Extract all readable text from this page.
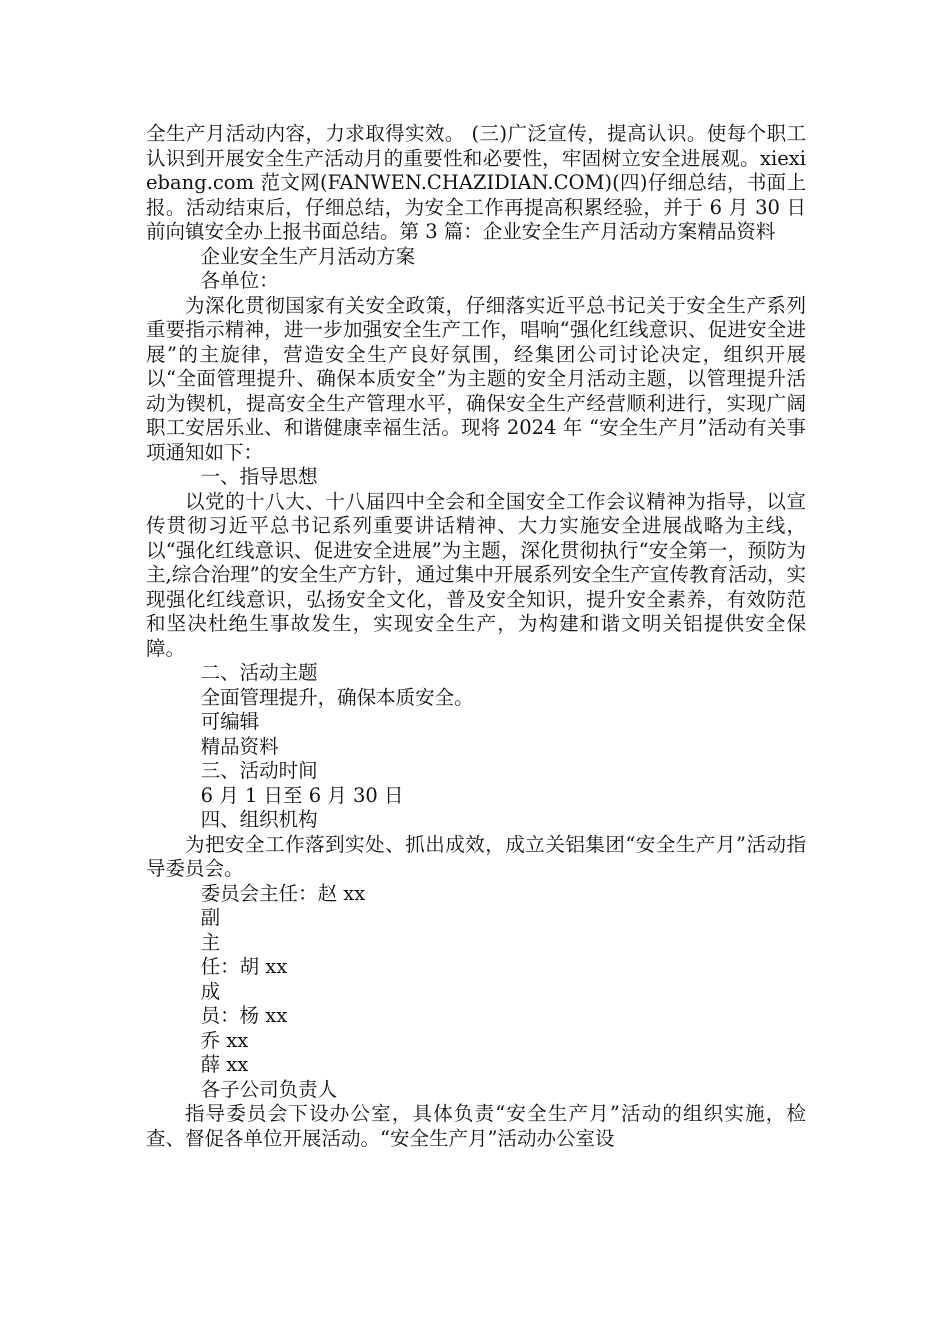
全生产月活动内容，力求取得实效。 (三)广泛宣传，提高认识。使每个职工认识到开展安全生产活动月的重要性和必要性，牢固树立安全进展观。xiexiebang.com 范文网(FANWEN.CHAZIDIAN.COM)(四)仔细总结，书面上报。活动结束后，仔细总结，为安全工作再提高积累经验，并于 6 月 30 日前向镇安全办上报书面总结。第 3 篇：企业安全生产月活动方案精品资料

企业安全生产月活动方案

各单位：

为深化贯彻国家有关安全政策，仔细落实近平总书记关于安全生产系列重要指示精神，进一步加强安全生产工作，唱响“强化红线意识、促进安全进展”的主旋律，营造安全生产良好氛围，经集团公司讨论决定，组织开展以“全面管理提升、确保本质安全”为主题的安全月活动主题，以管理提升活动为锲机，提高安全生产管理水平，确保安全生产经营顺利进行，实现广阔职工安居乐业、和谐健康幸福生活。现将 2024 年 “安全生产月”活动有关事项通知如下：

一、指导思想

以党的十八大、十八届四中全会和全国安全工作会议精神为指导，以宣传贯彻习近平总书记系列重要讲话精神、大力实施安全进展战略为主线，以“强化红线意识、促进安全进展”为主题，深化贯彻执行“安全第一，预防为主,综合治理”的安全生产方针，通过集中开展系列安全生产宣传教育活动，实现强化红线意识，弘扬安全文化，普及安全知识，提升安全素养，有效防范和坚决杜绝生事故发生，实现安全生产，为构建和谐文明关铝提供安全保障。

二、活动主题

全面管理提升，确保本质安全。

可编辑

精品资料

三、活动时间

6 月 1 日至 6 月 30 日

四、组织机构

为把安全工作落到实处、抓出成效，成立关铝集团“安全生产月”活动指导委员会。

委员会主任：赵 xx

副

主

任：胡 xx

成

员：杨 xx

乔 xx

薛 xx

各子公司负责人

指导委员会下设办公室，具体负责“安全生产月”活动的组织实施，检查、督促各单位开展活动。“安全生产月”活动办公室设
